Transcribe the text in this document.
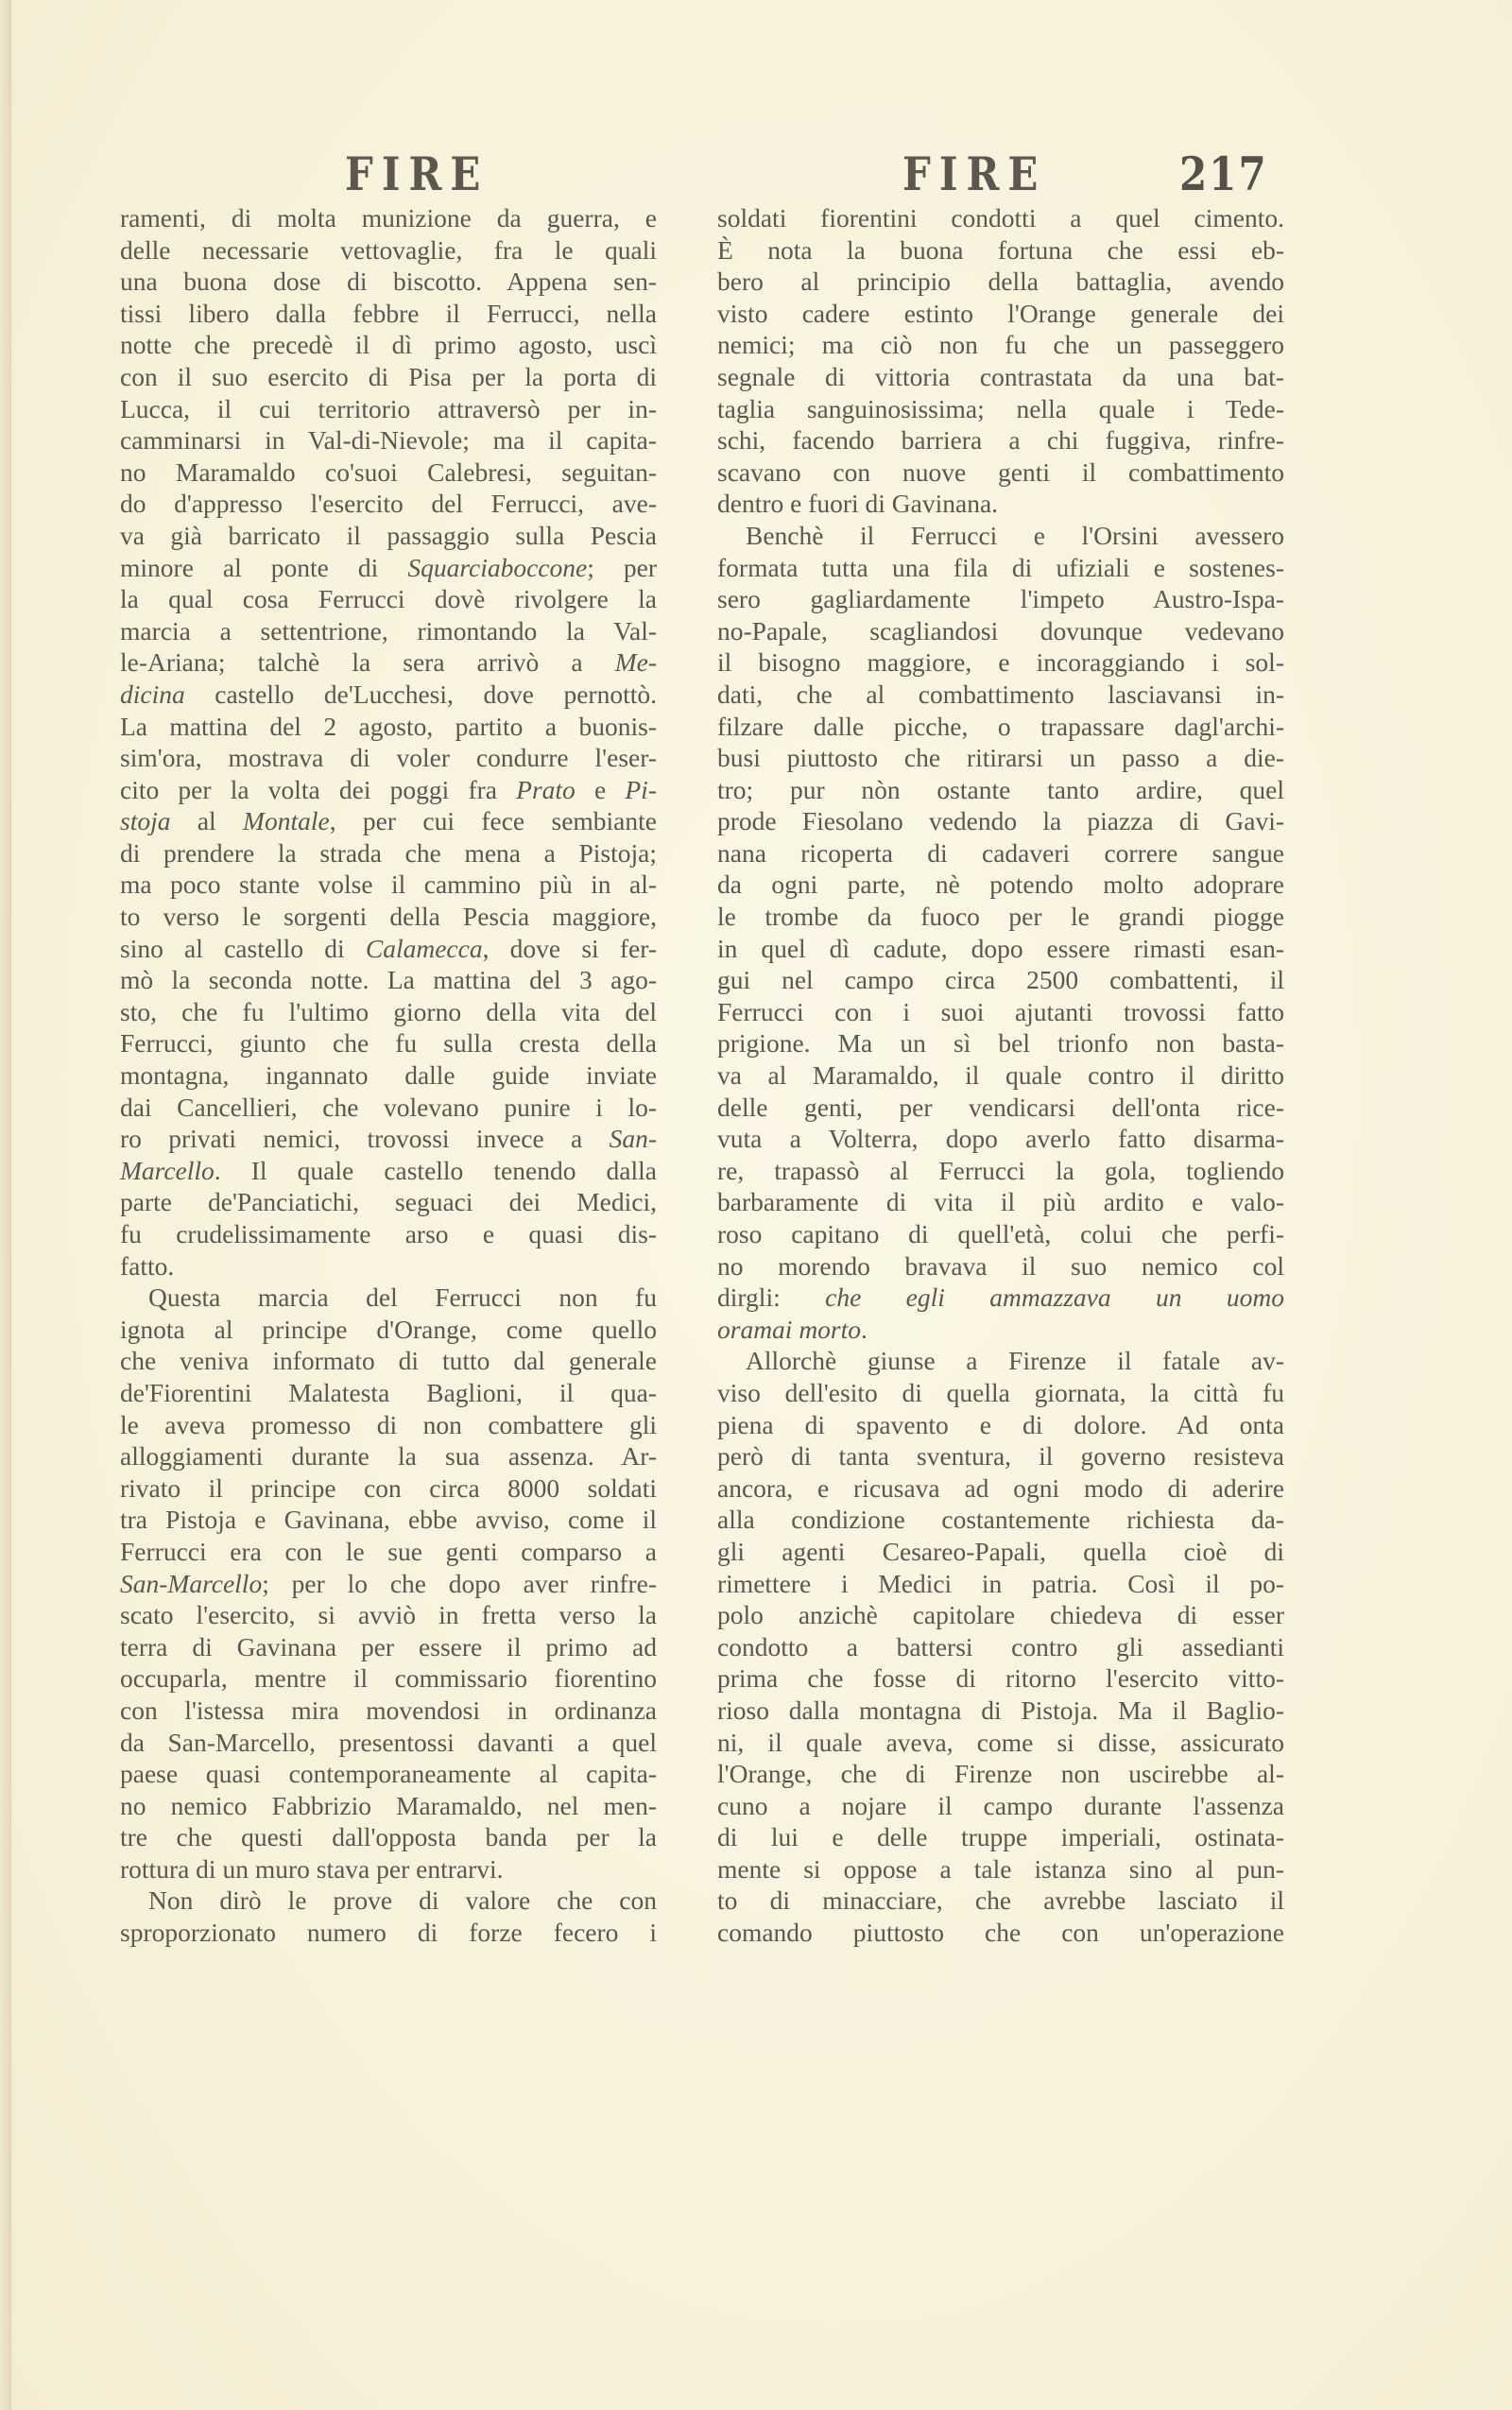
FIRE	FIRE	217
ramenti, di molta munizione da guerra, e
delle necessarie vettovaglie, fra le quali
una buona dose di biscotto. Appena sen-
tissi libero dalla febbre il Ferrucci, nella
notte che precedè il dì primo agosto, uscì
con il suo esercito di Pisa per la porta di
Lucca, il cui territorio attraversò per in-
camminarsi in Val-di-Nievole; ma il capita-
no Maramaldo co'suoi Calebresi, seguitan-
do d'appresso l'esercito del Ferrucci, ave-
va già barricato il passaggio sulla Pescia
minore al ponte di Squarciaboccone; per
la qual cosa Ferrucci dovè rivolgere la
marcia a settentrione, rimontando la Val-
le-Ariana; talchè la sera arrivò a Me-
dicina castello de'Lucchesi, dove pernottò.
La mattina del 2 agosto, partito a buonis-
sim'ora, mostrava di voler condurre l'eser-
cito per la volta dei poggi fra Prato e Pi-
stoja al Montale, per cui fece sembiante
di prendere la strada che mena a Pistoja;
ma poco stante volse il cammino più in al-
to verso le sorgenti della Pescia maggiore,
sino al castello di Calamecca, dove si fer-
mò la seconda notte. La mattina del 3 ago-
sto, che fu l'ultimo giorno della vita del
Ferrucci, giunto che fu sulla cresta della
montagna, ingannato dalle guide inviate
dai Cancellieri, che volevano punire i lo-
ro privati nemici, trovossi invece a San-
Marcello. Il quale castello tenendo dalla
parte de'Panciatichi, seguaci dei Medici,
fu crudelissimamente arso e quasi dis-
fatto.
Questa marcia del Ferrucci non fu
ignota al principe d'Orange, come quello
che veniva informato di tutto dal generale
de'Fiorentini Malatesta Baglioni, il qua-
le aveva promesso di non combattere gli
alloggiamenti durante la sua assenza. Ar-
rivato il principe con circa 8000 soldati
tra Pistoja e Gavinana, ebbe avviso, come il
Ferrucci era con le sue genti comparso a
San-Marcello; per lo che dopo aver rinfre-
scato l'esercito, si avviò in fretta verso la
terra di Gavinana per essere il primo ad
occuparla, mentre il commissario fiorentino
con l'istessa mira movendosi in ordinanza
da San-Marcello, presentossi davanti a quel
paese quasi contemporaneamente al capita-
no nemico Fabbrizio Maramaldo, nel men-
tre che questi dall'opposta banda per la
rottura di un muro stava per entrarvi.
Non dirò le prove di valore che con
sproporzionato numero di forze fecero i
soldati fiorentini condotti a quel cimento.
È nota la buona fortuna che essi eb-
bero al principio della battaglia, avendo
visto cadere estinto l'Orange generale dei
nemici; ma ciò non fu che un passeggero
segnale di vittoria contrastata da una bat-
taglia sanguinosissima; nella quale i Tede-
schi, facendo barriera a chi fuggiva, rinfre-
scavano con nuove genti il combattimento
dentro e fuori di Gavinana.
Benchè il Ferrucci e l'Orsini avessero
formata tutta una fila di ufiziali e sostenes-
sero gagliardamente l'impeto Austro-Ispa-
no-Papale, scagliandosi dovunque vedevano
il bisogno maggiore, e incoraggiando i sol-
dati, che al combattimento lasciavansi in-
filzare dalle picche, o trapassare dagl'archi-
busi piuttosto che ritirarsi un passo a die-
tro; pur nòn ostante tanto ardire, quel
prode Fiesolano vedendo la piazza di Gavi-
nana ricoperta di cadaveri correre sangue
da ogni parte, nè potendo molto adoprare
le trombe da fuoco per le grandi piogge
in quel dì cadute, dopo essere rimasti esan-
gui nel campo circa 2500 combattenti, il
Ferrucci con i suoi ajutanti trovossi fatto
prigione. Ma un sì bel trionfo non basta-
va al Maramaldo, il quale contro il diritto
delle genti, per vendicarsi dell'onta rice-
vuta a Volterra, dopo averlo fatto disarma-
re, trapassò al Ferrucci la gola, togliendo
barbaramente di vita il più ardito e valo-
roso capitano di quell'età, colui che perfi-
no morendo bravava il suo nemico col
dirgli: che egli ammazzava un uomo
oramai morto.
Allorchè giunse a Firenze il fatale av-
viso dell'esito di quella giornata, la città fu
piena di spavento e di dolore. Ad onta
però di tanta sventura, il governo resisteva
ancora, e ricusava ad ogni modo di aderire
alla condizione costantemente richiesta da-
gli agenti Cesareo-Papali, quella cioè di
rimettere i Medici in patria. Così il po-
polo anzichè capitolare chiedeva di esser
condotto a battersi contro gli assedianti
prima che fosse di ritorno l'esercito vitto-
rioso dalla montagna di Pistoja. Ma il Baglio-
ni, il quale aveva, come si disse, assicurato
l'Orange, che di Firenze non uscirebbe al-
cuno a nojare il campo durante l'assenza
di lui e delle truppe imperiali, ostinata-
mente si oppose a tale istanza sino al pun-
to di minacciare, che avrebbe lasciato il
comando piuttosto che con un'operazione
